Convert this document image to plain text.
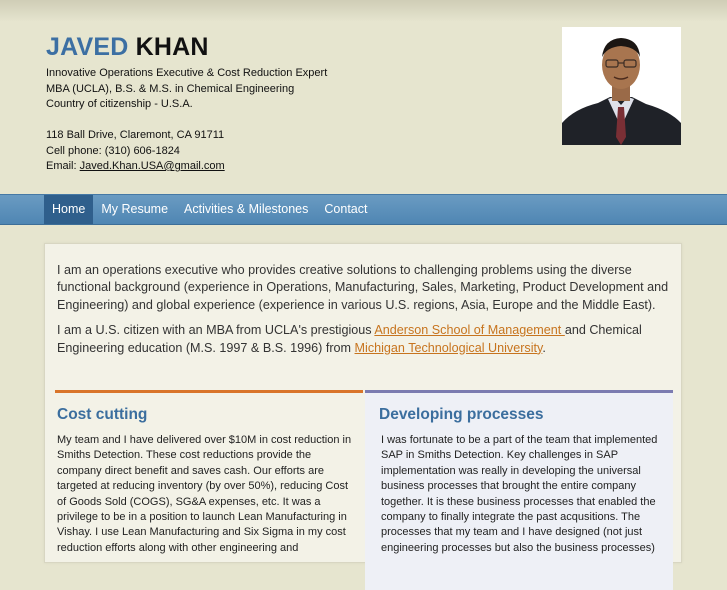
JAVED KHAN
Innovative Operations Executive & Cost Reduction Expert
MBA (UCLA), B.S. & M.S. in Chemical Engineering
Country of citizenship - U.S.A.
118 Ball Drive, Claremont, CA 91711
Cell phone: (310) 606-1824
Email: Javed.Khan.USA@gmail.com
Home	My Resume	Activities & Milestones	Contact

I am an operations executive who provides creative solutions to challenging problems using the diverse functional background (experience in Operations, Manufacturing, Sales, Marketing, Product Development and Engineering) and global experience (experience in various U.S. regions, Asia, Europe and the Middle East).

I am a U.S. citizen with an MBA from UCLA's prestigious Anderson School of Management and Chemical Engineering education (M.S. 1997 & B.S. 1996) from Michigan Technological University.

Cost cutting

My team and I have delivered over $10M in cost reduction in Smiths Detection. These cost reductions provide the company direct benefit and saves cash. Our efforts are targeted at reducing inventory (by over 50%), reducing Cost of Goods Sold (COGS), SG&A expenses, etc. It was a privilege to be in a position to launch Lean Manufacturing in Vishay. I use Lean Manufacturing and Six Sigma in my cost reduction efforts along with other engineering and

Developing processes

I was fortunate to be a part of the team that implemented SAP in Smiths Detection. Key challenges in SAP implementation was really in developing the universal business processes that brought the entire company together. It is these business processes that enabled the company to finally integrate the past acqusitions. The processes that my team and I have designed (not just engineering processes but also the business processes)
